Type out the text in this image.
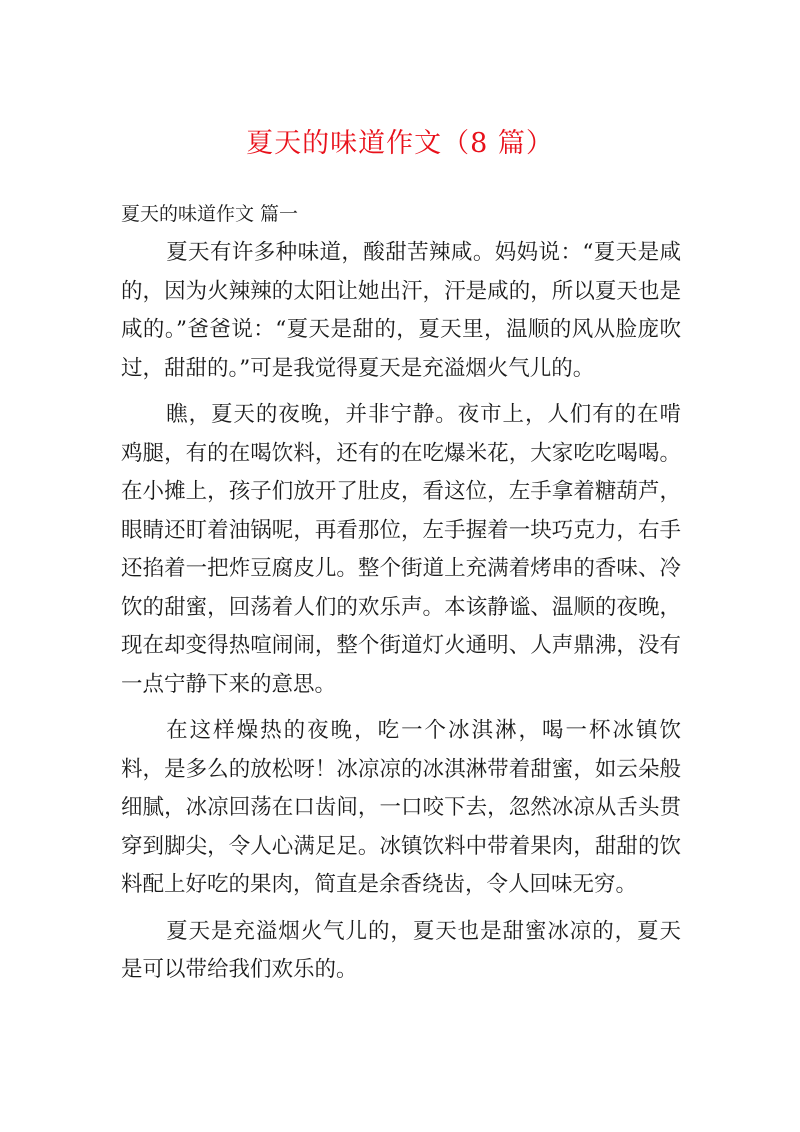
夏天的味道作文（8 篇）
夏天的味道作文 篇一

夏天有许多种味道，酸甜苦辣咸。妈妈说：“夏天是咸的，因为火辣辣的太阳让她出汗，汗是咸的，所以夏天也是咸的。”爸爸说：“夏天是甜的，夏天里，温顺的风从脸庞吹过，甜甜的。”可是我觉得夏天是充溢烟火气儿的。

瞧，夏天的夜晚，并非宁静。夜市上，人们有的在啃鸡腿，有的在喝饮料，还有的在吃爆米花，大家吃吃喝喝。在小摊上，孩子们放开了肚皮，看这位，左手拿着糖葫芦，眼睛还盯着油锅呢，再看那位，左手握着一块巧克力，右手还掐着一把炸豆腐皮儿。整个街道上充满着烤串的香味、冷饮的甜蜜，回荡着人们的欢乐声。本该静谧、温顺的夜晚，现在却变得热喧闹闹，整个街道灯火通明、人声鼎沸，没有一点宁静下来的意思。

在这样燥热的夜晚，吃一个冰淇淋，喝一杯冰镇饮料，是多么的放松呀！冰凉凉的冰淇淋带着甜蜜，如云朵般细腻，冰凉回荡在口齿间，一口咬下去，忽然冰凉从舌头贯穿到脚尖，令人心满足足。冰镇饮料中带着果肉，甜甜的饮料配上好吃的果肉，简直是余香绕齿，令人回味无穷。

夏天是充溢烟火气儿的，夏天也是甜蜜冰凉的，夏天是可以带给我们欢乐的。
